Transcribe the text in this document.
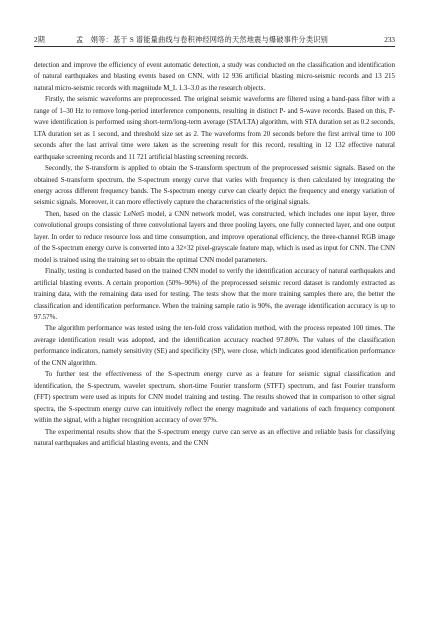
2期	孟　娟等：基于 S 谱能量曲线与卷积神经网络的天然地震与爆破事件分类识别	233

detection and improve the efficiency of event automatic detection, a study was conducted on the classification and identification of natural earthquakes and blasting events based on CNN, with 12 936 artificial blasting micro-seismic records and 13 215 natural micro-seismic records with magnitude M_L 1.3–3.0 as the research objects.

Firstly, the seismic waveforms are preprocessed. The original seismic waveforms are filtered using a band-pass filter with a range of 1–30 Hz to remove long-period interference components, resulting in distinct P- and S-wave records. Based on this, P-wave identification is performed using short-term/long-term average (STA/LTA) algorithm, with STA duration set as 0.2 seconds, LTA duration set as 1 second, and threshold size set as 2. The waveforms from 20 seconds before the first arrival time to 100 seconds after the last arrival time were taken as the screening result for this record, resulting in 12 132 effective natural earthquake screening records and 11 721 artificial blasting screening records.

Secondly, the S-transform is applied to obtain the S-transform spectrum of the preprocessed seismic signals. Based on the obtained S-transform spectrum, the S-spectrum energy curve that varies with frequency is then calculated by integrating the energy across different frequency bands. The S-spectrum energy curve can clearly depict the frequency and energy variation of seismic signals. Moreover, it can more effectively capture the characteristics of the original signals.

Then, based on the classic LeNet5 model, a CNN network model, was constructed, which includes one input layer, three convolutional groups consisting of three convolutional layers and three pooling layers, one fully connected layer, and one output layer. In order to reduce resource loss and time consumption, and improve operational efficiency, the three-channel RGB image of the S-spectrum energy curve is converted into a 32×32 pixel-grayscale feature map, which is used as input for CNN. The CNN model is trained using the training set to obtain the optimal CNN model parameters.

Finally, testing is conducted based on the trained CNN model to verify the identification accuracy of natural earthquakes and artificial blasting events. A certain proportion (50%–90%) of the preprocessed seismic record dataset is randomly extracted as training data, with the remaining data used for testing. The tests show that the more training samples there are, the better the classification and identification performance. When the training sample ratio is 90%, the average identification accuracy is up to 97.57%.

The algorithm performance was tested using the ten-fold cross validation method, with the process repeated 100 times. The average identification result was adopted, and the identification accuracy reached 97.80%. The values of the classification performance indicators, namely sensitivity (SE) and specificity (SP), were close, which indicates good identification performance of the CNN algorithm.

To further test the effectiveness of the S-spectrum energy curve as a feature for seismic signal classification and identification, the S-spectrum, wavelet spectrum, short-time Fourier transform (STFT) spectrum, and fast Fourier transform (FFT) spectrum were used as inputs for CNN model training and testing. The results showed that in comparison to other signal spectra, the S-spectrum energy curve can intuitively reflect the energy magnitude and variations of each frequency component within the signal, with a higher recognition accuracy of over 97%.

The experimental results show that the S-spectrum energy curve can serve as an effective and reliable basis for classifying natural earthquakes and artificial blasting events, and the CNN
